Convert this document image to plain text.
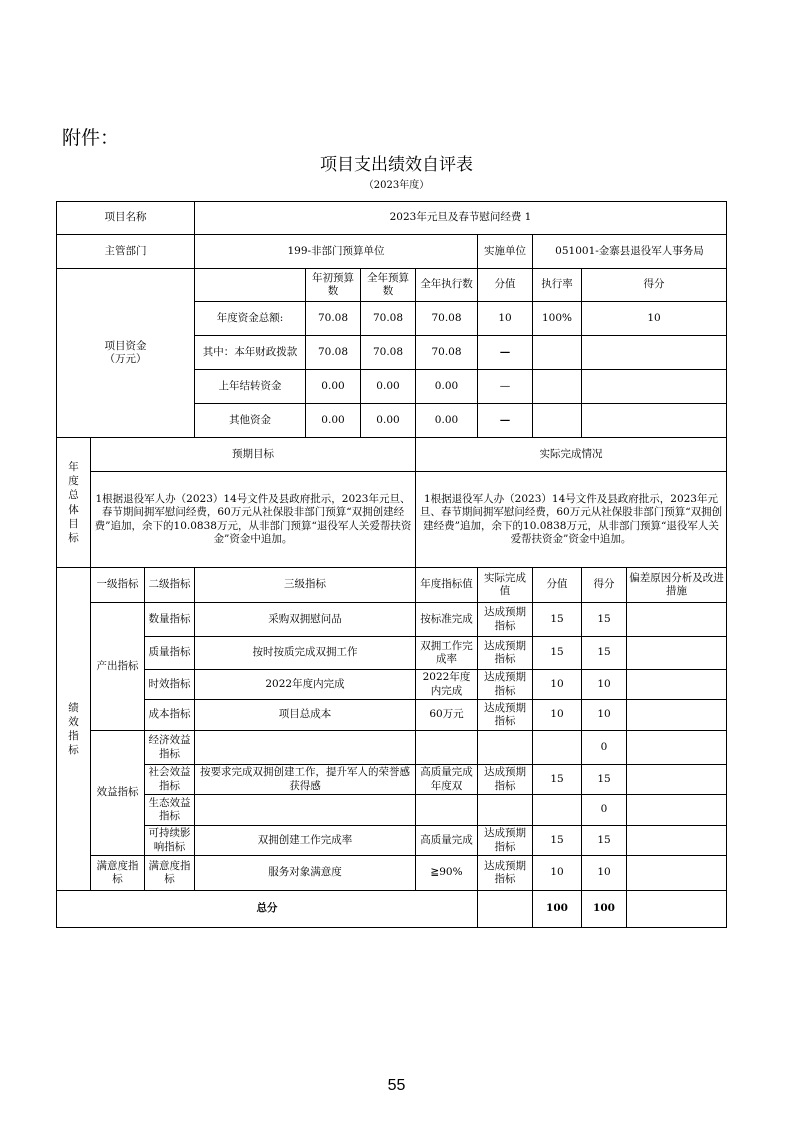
附件：
项目支出绩效自评表
（2023年度）
项目名称			2023年元旦及春节慰问经费 1							
主管部门			199-非部门预算单位				实施单位	051001-金寨县退役军人事务局		
项目资金
（万元）				年初预算数	全年预算数	全年执行数	分值	执行率	得分	
			年度资金总额:	70.08	70.08	70.08	10	100%	10	
			其中：本年财政拨款	70.08	70.08	70.08	—			
			上年结转资金	0.00	0.00	0.00	—			
			其他资金	0.00	0.00	0.00	—			
年度总体目标	预期目标					实际完成情况				
	1根据退役军人办（2023）14号文件及县政府批示，2023年元旦、春节期间拥军慰问经费，60万元从社保股非部门预算“双拥创建经费”追加，余下的10.0838万元，从非部门预算“退役军人关爱帮扶资金”资金中追加。					1根据退役军人办（2023）14号文件及县政府批示，2023年元旦、春节期间拥军慰问经费，60万元从社保股非部门预算“双拥创建经费”追加，余下的10.0838万元，从非部门预算“退役军人关爱帮扶资金”资金中追加。				
绩效指标	一级指标	二级指标	三级指标			年度指标值	实际完成值	分值	得分	偏差原因分析及改进措施
	产出指标	数量指标	采购双拥慰问品			按标准完成	达成预期指标	15	15	
		质量指标	按时按质完成双拥工作			双拥工作完成率	达成预期指标	15	15	
		时效指标	2022年度内完成			2022年度内完成	达成预期指标	10	10	
		成本指标	项目总成本			60万元	达成预期指标	10	10	
	效益指标	经济效益指标							0	
		社会效益指标	按要求完成双拥创建工作，提升军人的荣誉感获得感			高质量完成年度双	达成预期指标	15	15	
		生态效益指标							0	
		可持续影响指标	双拥创建工作完成率			高质量完成	达成预期指标	15	15	
	满意度指标	满意度指标	服务对象满意度			≧90%	达成预期指标	10	10	
总分								100	100	
55
